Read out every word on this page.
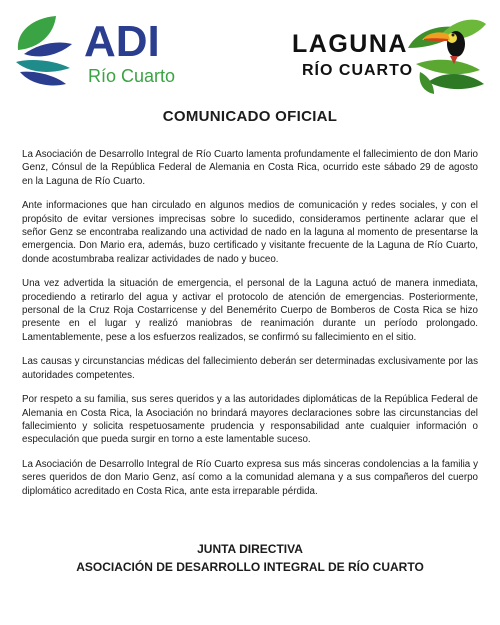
ADI
Río Cuarto
LAGUNA
RÍO CUARTO
COMUNICADO OFICIAL

La Asociación de Desarrollo Integral de Río Cuarto lamenta profundamente el fallecimiento de don Mario Genz, Cónsul de la República Federal de Alemania en Costa Rica, ocurrido este sábado 29 de agosto en la Laguna de Río Cuarto.

Ante informaciones que han circulado en algunos medios de comunicación y redes sociales, y con el propósito de evitar versiones imprecisas sobre lo sucedido, consideramos pertinente aclarar que el señor Genz se encontraba realizando una actividad de nado en la laguna al momento de presentarse la emergencia. Don Mario era, además, buzo certificado y visitante frecuente de la Laguna de Río Cuarto, donde acostumbraba realizar actividades de nado y buceo.

Una vez advertida la situación de emergencia, el personal de la Laguna actuó de manera inmediata, procediendo a retirarlo del agua y activar el protocolo de atención de emergencias. Posteriormente, personal de la Cruz Roja Costarricense y del Benemérito Cuerpo de Bomberos de Costa Rica se hizo presente en el lugar y realizó maniobras de reanimación durante un período prolongado. Lamentablemente, pese a los esfuerzos realizados, se confirmó su fallecimiento en el sitio.

Las causas y circunstancias médicas del fallecimiento deberán ser determinadas exclusivamente por las autoridades competentes.

Por respeto a su familia, sus seres queridos y a las autoridades diplomáticas de la República Federal de Alemania en Costa Rica, la Asociación no brindará mayores declaraciones sobre las circunstancias del fallecimiento y solicita respetuosamente prudencia y responsabilidad ante cualquier información o especulación que pueda surgir en torno a este lamentable suceso.

La Asociación de Desarrollo Integral de Río Cuarto expresa sus más sinceras condolencias a la familia y seres queridos de don Mario Genz, así como a la comunidad alemana y a sus compañeros del cuerpo diplomático acreditado en Costa Rica, ante esta irreparable pérdida.

JUNTA DIRECTIVA
ASOCIACIÓN DE DESARROLLO INTEGRAL DE RÍO CUARTO
